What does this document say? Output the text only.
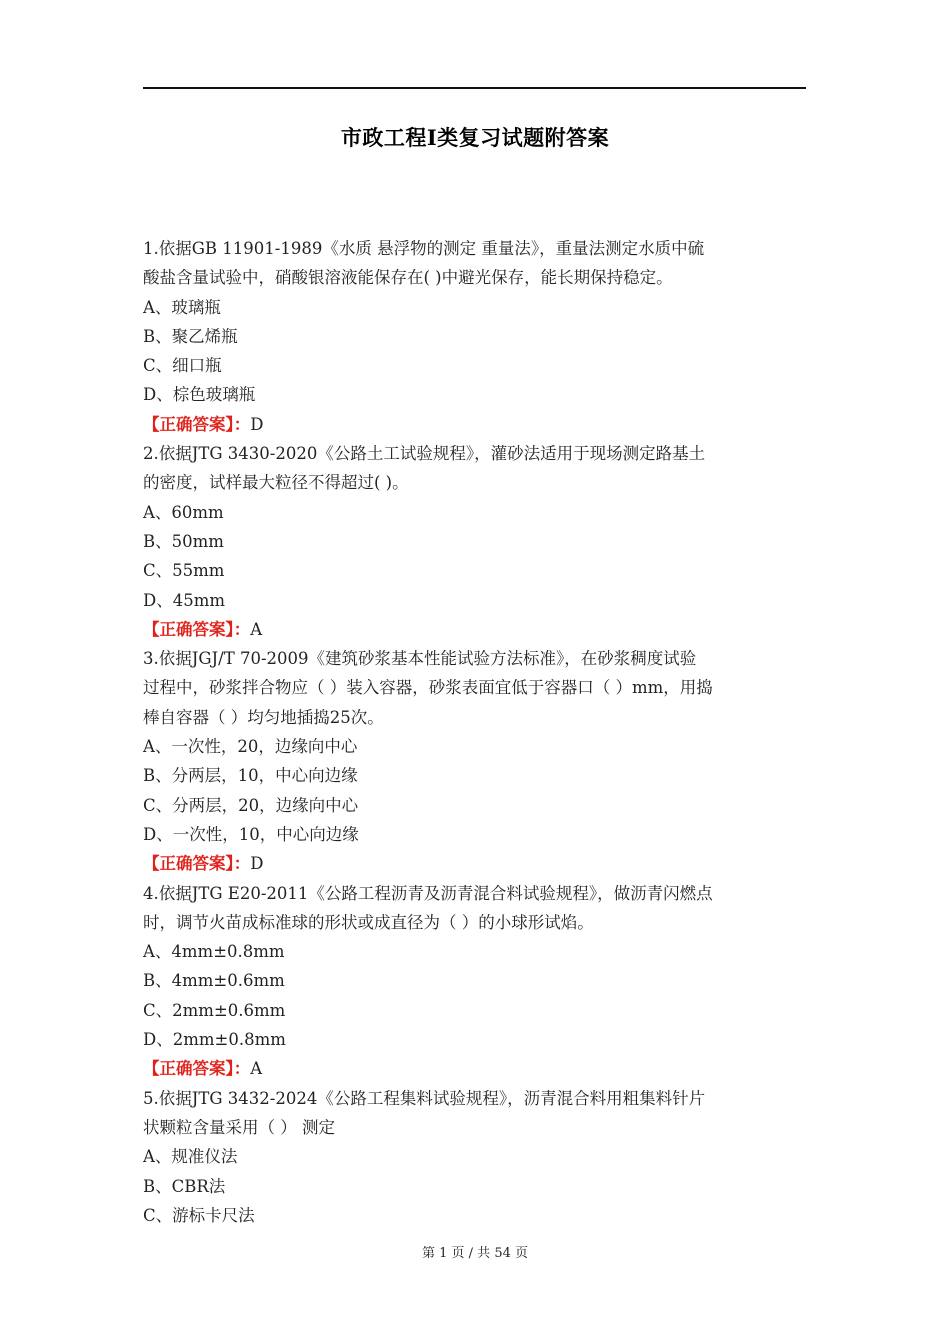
市政工程I类复习试题附答案
1.依据GB 11901-1989《水质 悬浮物的测定 重量法》，重量法测定水质中硫
酸盐含量试验中，硝酸银溶液能保存在( )中避光保存，能长期保持稳定。
A、玻璃瓶
B、聚乙烯瓶
C、细口瓶
D、棕色玻璃瓶
【正确答案】：D
2.依据JTG 3430-2020《公路土工试验规程》，灌砂法适用于现场测定路基土
的密度，试样最大粒径不得超过( )。
A、60mm
B、50mm
C、55mm
D、45mm
【正确答案】：A
3.依据JGJ/T 70-2009《建筑砂浆基本性能试验方法标准》，在砂浆稠度试验
过程中，砂浆拌合物应（ ）装入容器，砂浆表面宜低于容器口（ ）mm，用捣
棒自容器（ ）均匀地插捣25次。
A、一次性，20，边缘向中心
B、分两层，10，中心向边缘
C、分两层，20，边缘向中心
D、一次性，10，中心向边缘
【正确答案】：D
4.依据JTG E20-2011《公路工程沥青及沥青混合料试验规程》，做沥青闪燃点
时，调节火苗成标准球的形状或成直径为（ ）的小球形试焰。
A、4mm±0.8mm
B、4mm±0.6mm
C、2mm±0.6mm
D、2mm±0.8mm
【正确答案】：A
5.依据JTG 3432-2024《公路工程集料试验规程》，沥青混合料用粗集料针片
状颗粒含量采用（ ） 测定
A、规准仪法
B、CBR法
C、游标卡尺法
第 1 页 / 共 54 页
